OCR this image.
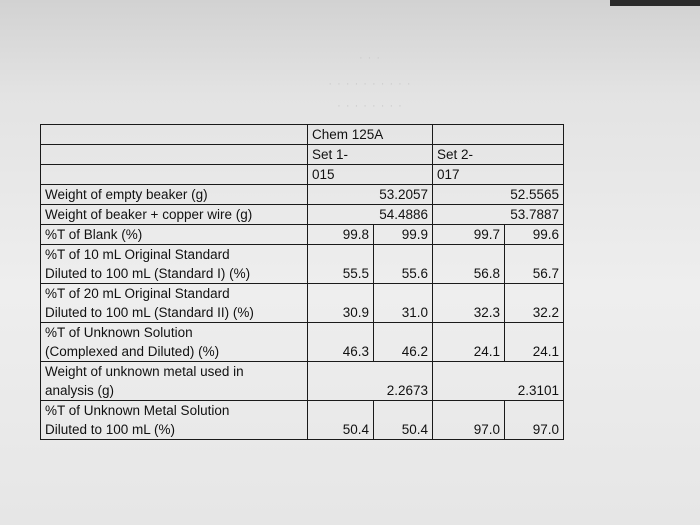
· · ·
· · · · · · · · · ·
· · · · · · · ·
	Chem 125A			
	Set 1-		Set 2-	
	015		017	
Weight of empty beaker (g)	53.2057		52.5565	
Weight of beaker + copper wire (g)	54.4886		53.7887	
%T of Blank (%)	99.8	99.9	99.7	99.6

%T of 10 mL Original Standard
Diluted to 100 mL (Standard I) (%)	55.5	55.6	56.8	56.7

%T of 20 mL Original Standard
Diluted to 100 mL (Standard II) (%)	30.9	31.0	32.3	32.2

%T of Unknown Solution
(Complexed and Diluted) (%)	46.3	46.2	24.1	24.1

Weight of unknown metal used in
analysis (g)	2.2673		2.3101	

%T of Unknown Metal Solution
Diluted to 100 mL (%)	50.4	50.4	97.0	97.0
